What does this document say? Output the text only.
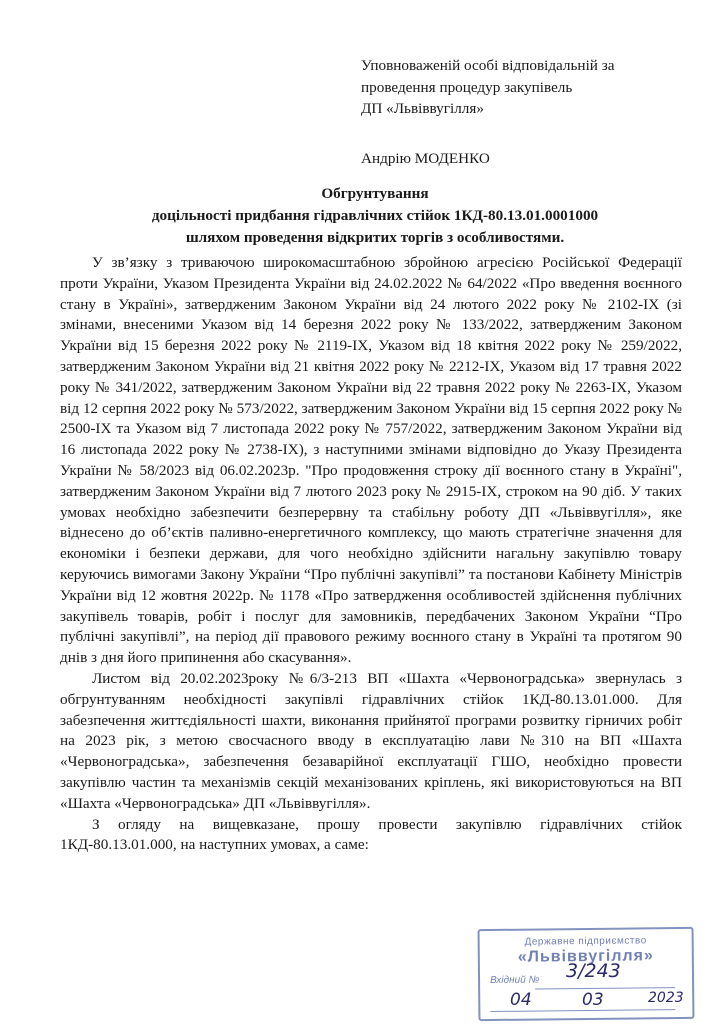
Уповноваженій особі відповідальній за
проведення процедур закупівель
ДП «Львіввугілля»
Андрію МОДЕНКО
Обгрунтування
доцільності придбання гідравлічних стійок 1КД-80.13.01.0001000
шляхом проведення відкритих торгів з особливостями.

У зв’язку з триваючою широкомасштабною збройною агресією Російської Федерації проти України, Указом Президента України від 24.02.2022 № 64/2022 «Про введення воєнного стану в Україні», затвердженим Законом України від 24 лютого 2022 року № 2102-IX (зі змінами, внесеними Указом від 14 березня 2022 року № 133/2022, затвердженим Законом України від 15 березня 2022 року № 2119-IX, Указом від 18 квітня 2022 року № 259/2022, затвердженим Законом України від 21 квітня 2022 року № 2212-IX, Указом від 17 травня 2022 року № 341/2022, затвердженим Законом України від 22 травня 2022 року № 2263-IX, Указом від 12 серпня 2022 року № 573/2022, затвердженим Законом України від 15 серпня 2022 року № 2500-IX та Указом від 7 листопада 2022 року № 757/2022, затвердженим Законом України від 16 листопада 2022 року № 2738-IX), з наступними змінами відповідно до Указу Президента України № 58/2023 від 06.02.2023р. "Про продовження строку дії воєнного стану в Україні", затвердженим Законом України від 7 лютого 2023 року № 2915-IX, строком на 90 діб. У таких умовах необхідно забезпечити безперервну та стабільну роботу ДП «Львіввугілля», яке віднесено до об’єктів паливно-енергетичного комплексу, що мають стратегічне значення для економіки і безпеки держави, для чого необхідно здійснити нагальну закупівлю товару керуючись вимогами Закону України “Про публічні закупівлі” та постанови Кабінету Міністрів України від 12 жовтня 2022р. № 1178 «Про затвердження особливостей здійснення публічних закупівель товарів, робіт і послуг для замовників, передбачених Законом України “Про публічні закупівлі”, на період дії правового режиму воєнного стану в Україні та протягом 90 днів з дня його припинення або скасування».

Листом від 20.02.2023року №6/3-213 ВП «Шахта «Червоноградська» звернулась з обгрунтуванням необхідності закупівлі гідравлічних стійок 1КД-80.13.01.000. Для забезпечення життєдіяльності шахти, виконання прийнятої програми розвитку гірничих робіт на 2023 рік, з метою свосчасного вводу в експлуатацію лави №310 на ВП «Шахта «Червоноградська», забезпечення безаварійної експлуатації ГШО, необхідно провести закупівлю частин та механізмів секцій механізованих кріплень, які використовуються на ВП «Шахта «Червоноградська» ДП «Львіввугілля».

З огляду на вищевказане, прошу провести закупівлю гідравлічних стійок 1КД-80.13.01.000, на наступних умовах, а саме:

Державне підприємство
«Львіввугілля»
Вхідний № 3/243
04	03	2023
